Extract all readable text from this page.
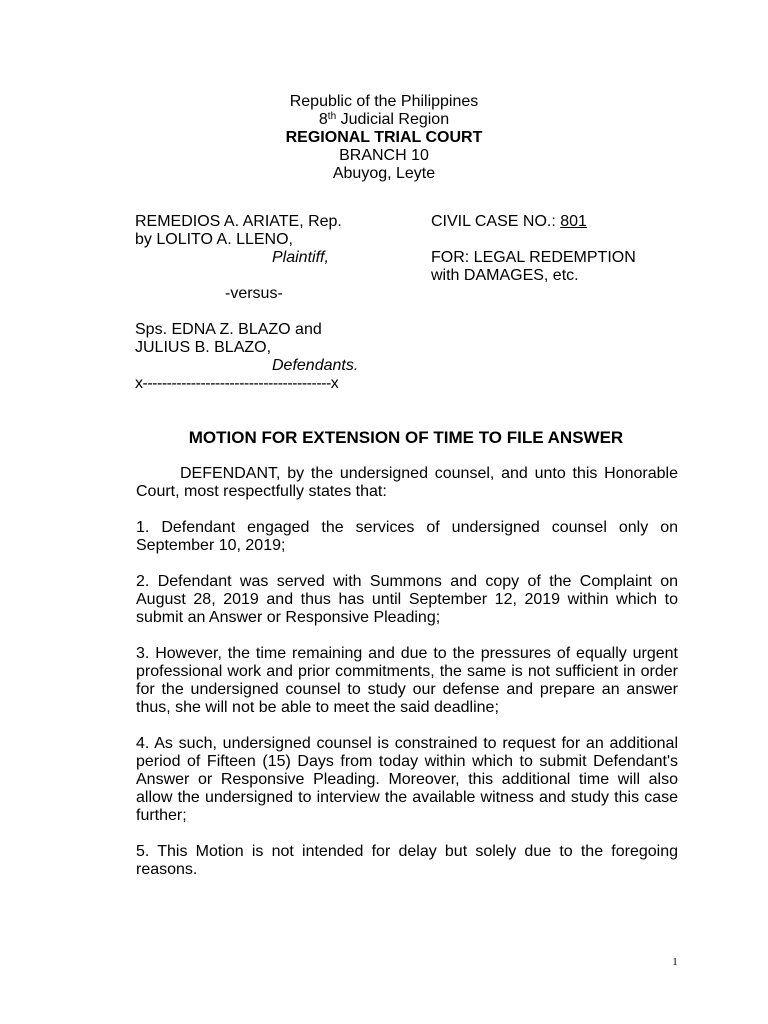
Republic of the Philippines
8th Judicial Region
REGIONAL TRIAL COURT
BRANCH 10
Abuyog, Leyte
REMEDIOS A. ARIATE, Rep.
by LOLITO A. LLENO,
Plaintiff,
-versus-
Sps. EDNA Z. BLAZO and
JULIUS B. BLAZO,
Defendants.
x---------------------------------------x
CIVIL CASE NO.: 801
FOR: LEGAL REDEMPTION
with DAMAGES, etc.
MOTION FOR EXTENSION OF TIME TO FILE ANSWER

DEFENDANT, by the undersigned counsel, and unto this Honorable Court, most respectfully states that:

1. Defendant engaged the services of undersigned counsel only on September 10, 2019;

2. Defendant was served with Summons and copy of the Complaint on August 28, 2019 and thus has until September 12, 2019 within which to submit an Answer or Responsive Pleading;

3. However, the time remaining and due to the pressures of equally urgent professional work and prior commitments, the same is not sufficient in order for the undersigned counsel to study our defense and prepare an answer thus, she will not be able to meet the said deadline;

4. As such, undersigned counsel is constrained to request for an additional period of Fifteen (15) Days from today within which to submit Defendant's Answer or Responsive Pleading. Moreover, this additional time will also allow the undersigned to interview the available witness and study this case further;

5. This Motion is not intended for delay but solely due to the foregoing reasons.

1
